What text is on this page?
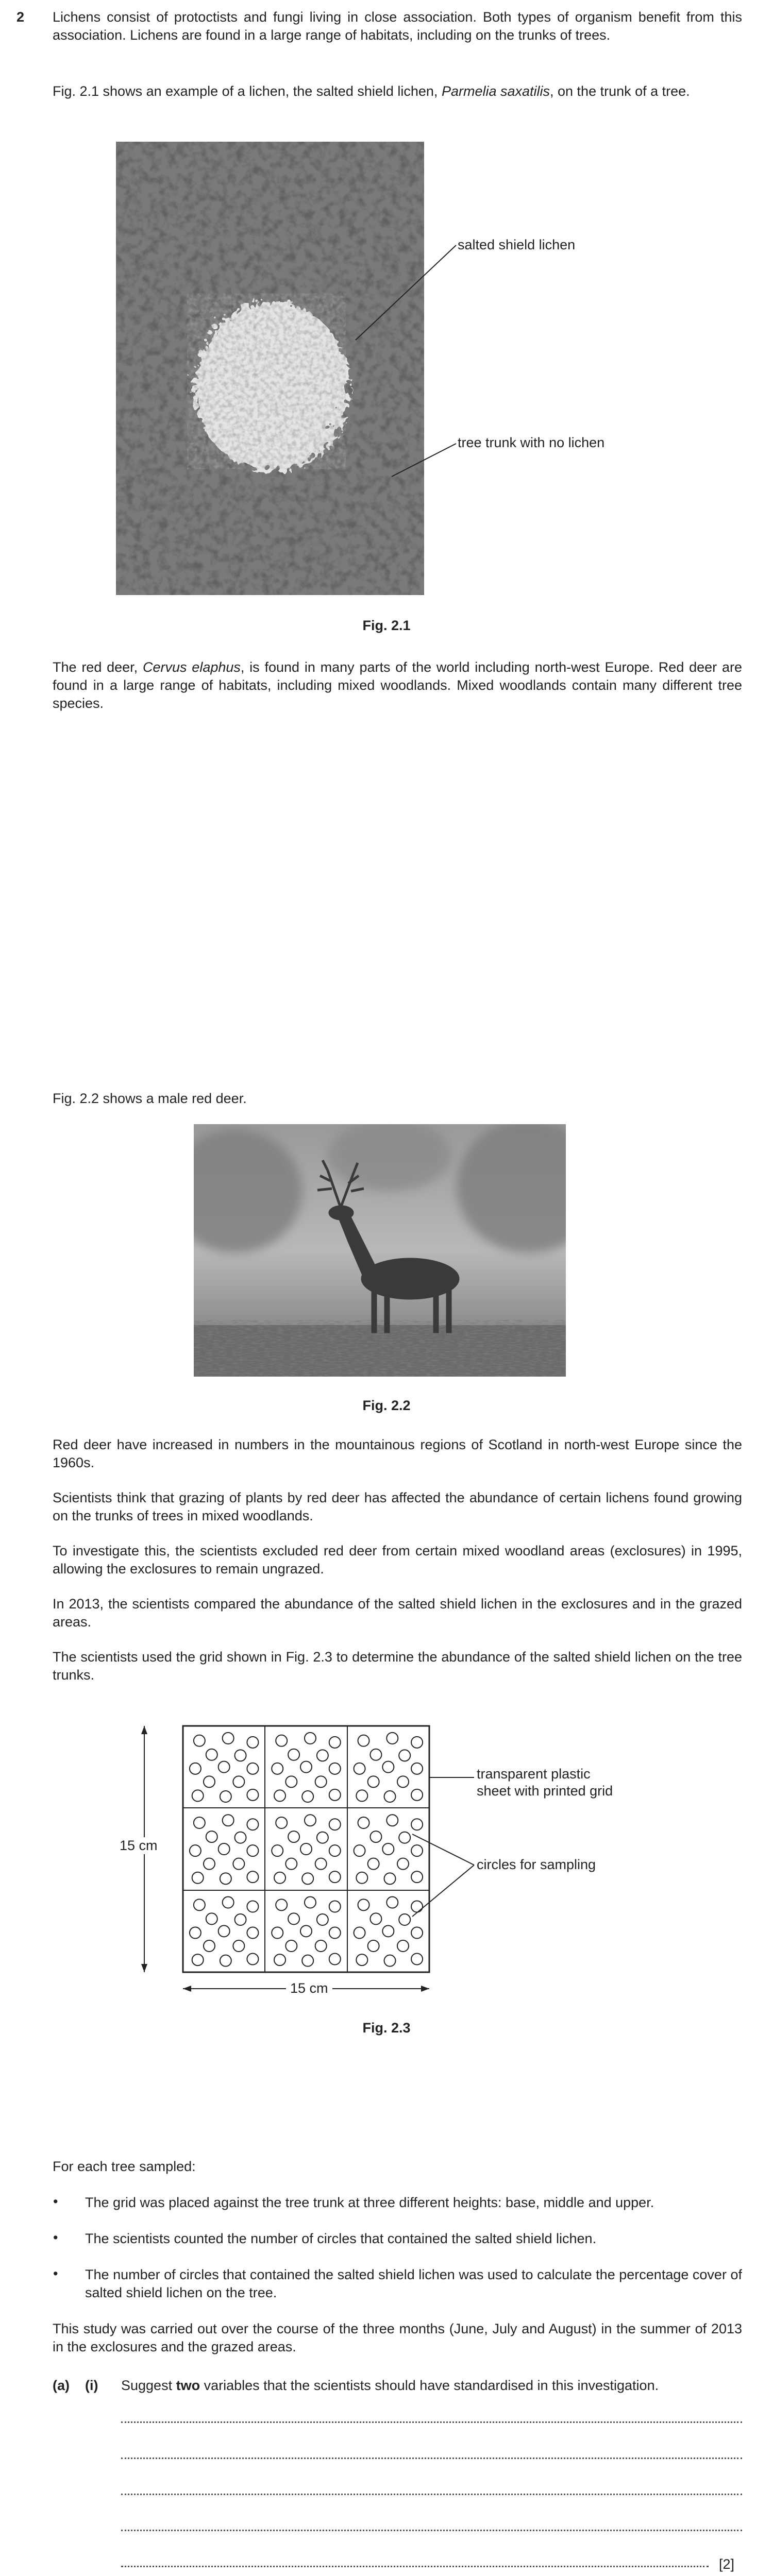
2 Lichens consist of protoctists and fungi living in close association. Both types of organism benefit from this association. Lichens are found in a large range of habitats, including on the trunks of trees.

Fig. 2.1 shows an example of a lichen, the salted shield lichen, Parmelia saxatilis, on the trunk of a tree.

salted shield lichen
tree trunk with no lichen
Fig. 2.1

The red deer, Cervus elaphus, is found in many parts of the world including north-west Europe. Red deer are found in a large range of habitats, including mixed woodlands. Mixed woodlands contain many different tree species.

Fig. 2.2 shows a male red deer.
Fig. 2.2

Red deer have increased in numbers in the mountainous regions of Scotland in north-west Europe since the 1960s.

Scientists think that grazing of plants by red deer has affected the abundance of certain lichens found growing on the trunks of trees in mixed woodlands.

To investigate this, the scientists excluded red deer from certain mixed woodland areas (exclosures) in 1995, allowing the exclosures to remain ungrazed.

In 2013, the scientists compared the abundance of the salted shield lichen in the exclosures and in the grazed areas.

The scientists used the grid shown in Fig. 2.3 to determine the abundance of the salted shield lichen on the tree trunks.

15 cm
15 cm
transparent plastic
sheet with printed grid
circles for sampling
Fig. 2.3
For each tree sampled:
• The grid was placed against the tree trunk at three different heights: base, middle and upper.

• The scientists counted the number of circles that contained the salted shield lichen.

• The number of circles that contained the salted shield lichen was used to calculate the percentage cover of salted shield lichen on the tree.

This study was carried out over the course of the three months (June, July and August) in the summer of 2013 in the exclosures and the grazed areas.

(a) (i) Suggest two variables that the scientists should have standardised in this investigation.

[2]
